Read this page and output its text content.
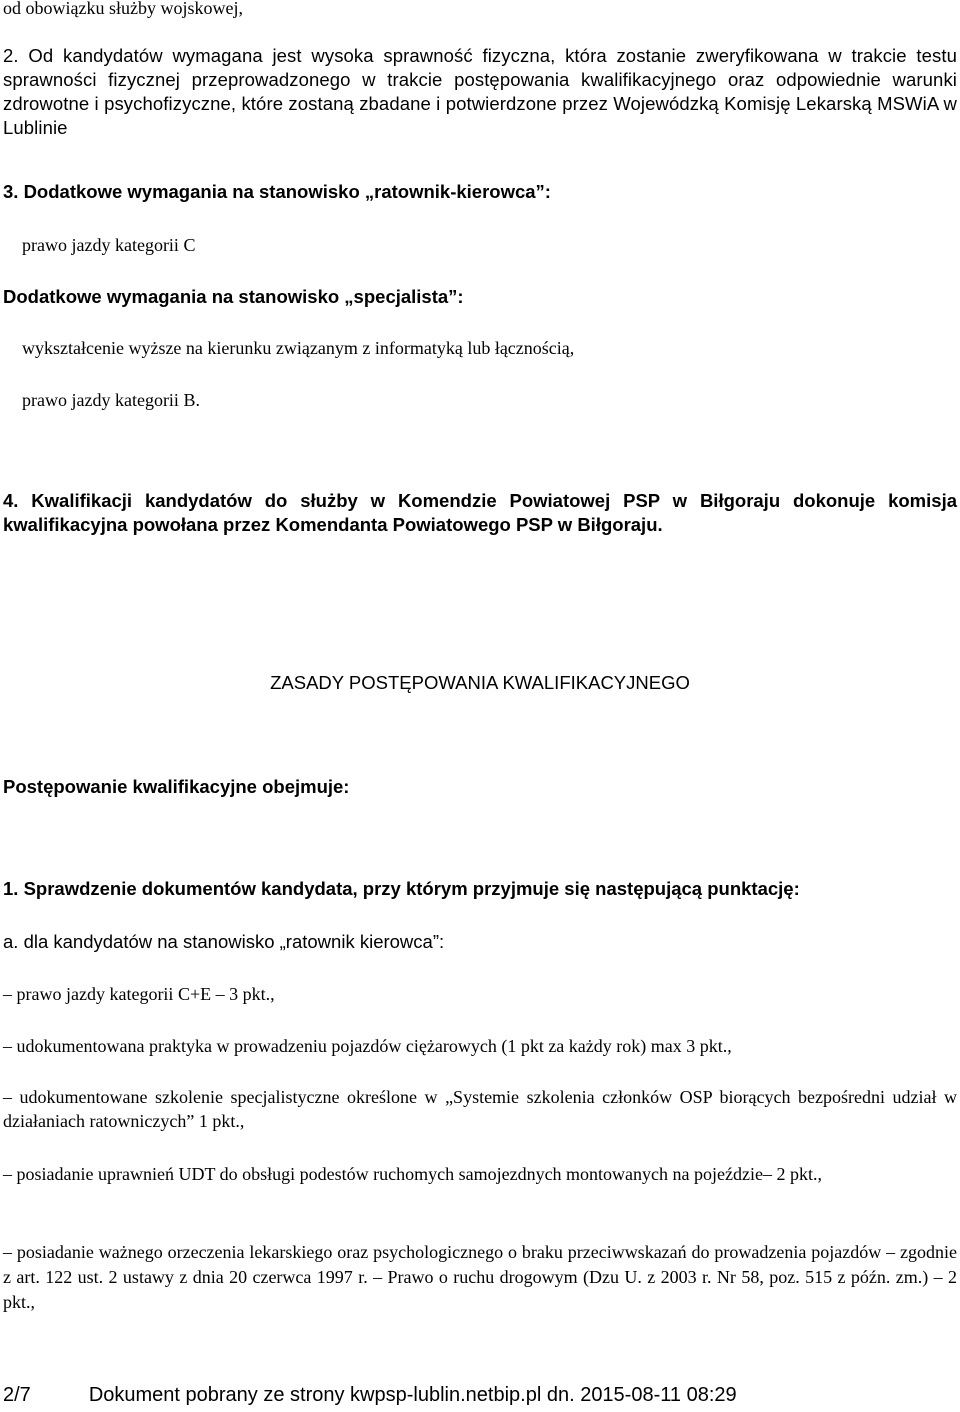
od obowiązku służby wojskowej,
2. Od kandydatów wymagana jest wysoka sprawność fizyczna, która zostanie zweryfikowana w trakcie testu sprawności fizycznej przeprowadzonego w trakcie postępowania kwalifikacyjnego oraz odpowiednie warunki zdrowotne i psychofizyczne, które zostaną zbadane i potwierdzone przez Wojewódzką Komisję Lekarską MSWiA w Lublinie
3. Dodatkowe wymagania na stanowisko „ratownik-kierowca”:
prawo jazdy kategorii C
Dodatkowe wymagania na stanowisko „specjalista”:
wykształcenie wyższe na kierunku związanym z informatyką lub łącznością,
prawo jazdy kategorii B.
4. Kwalifikacji kandydatów do służby w Komendzie Powiatowej PSP w Biłgoraju dokonuje komisja kwalifikacyjna powołana przez Komendanta Powiatowego PSP w Biłgoraju.
ZASADY POSTĘPOWANIA KWALIFIKACYJNEGO
Postępowanie kwalifikacyjne obejmuje:
1. Sprawdzenie dokumentów kandydata, przy którym przyjmuje się następującą punktację:
a. dla kandydatów na stanowisko „ratownik kierowca”:
– prawo jazdy kategorii C+E – 3 pkt.,
– udokumentowana praktyka w prowadzeniu pojazdów ciężarowych (1 pkt za każdy rok) max 3 pkt.,
– udokumentowane szkolenie specjalistyczne określone w „Systemie szkolenia członków OSP biorących bezpośredni udział w działaniach ratowniczych” 1 pkt.,
– posiadanie uprawnień UDT do obsługi podestów ruchomych samojezdnych montowanych na pojeździe– 2 pkt.,
– posiadanie ważnego orzeczenia lekarskiego oraz psychologicznego o braku przeciwwskazań do prowadzenia pojazdów – zgodnie z art. 122 ust. 2 ustawy z dnia 20 czerwca 1997 r. – Prawo o ruchu drogowym (Dzu U. z 2003 r. Nr 58, poz. 515 z późn. zm.) – 2 pkt.,
2/7	Dokument pobrany ze strony kwpsp-lublin.netbip.pl dn. 2015-08-11 08:29
